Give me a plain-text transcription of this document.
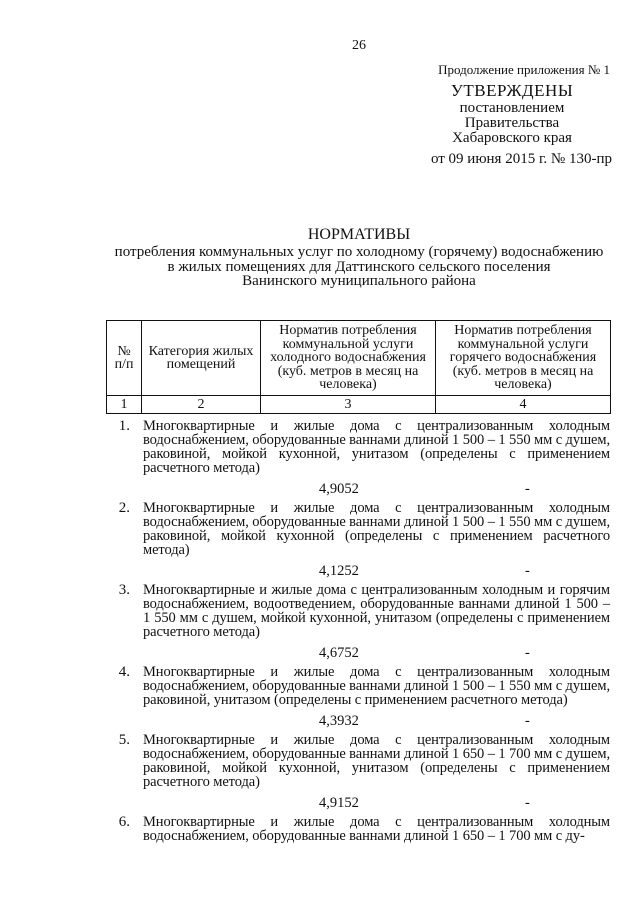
26
Продолжение приложения № 1
УТВЕРЖДЕНЫ
постановлением
Правительства
Хабаровского края
от 09 июня 2015 г. № 130-пр
НОРМАТИВЫ
потребления коммунальных услуг по холодному (горячему) водоснабжению
в жилых помещениях для Даттинского сельского поселения
Ванинского муниципального района
№ п/п	Категория жилых помещений	Норматив потребления коммунальной услуги холодного водоснабжения (куб. метров в месяц на человека)	Норматив потребления коммунальной услуги горячего водоснабжения (куб. метров в месяц на человека)
1	2	3	4
1. Многоквартирные и жилые дома с централизованным холодным водоснабжением, оборудованные ваннами длиной 1 500 – 1 550 мм с душем, раковиной, мойкой кухонной, унитазом (определены с применением расчетного метода)
4,9052	-
2. Многоквартирные и жилые дома с централизованным холодным водоснабжением, оборудованные ваннами длиной 1 500 – 1 550 мм с душем, раковиной, мойкой кухонной (определены с применением расчетного метода)
4,1252	-
3. Многоквартирные и жилые дома с централизованным холодным и горячим водоснабжением, водоотведением, оборудованные ваннами длиной 1 500 – 1 550 мм с душем, мойкой кухонной, унитазом (определены с применением расчетного метода)
4,6752	-
4. Многоквартирные и жилые дома с централизованным холодным водоснабжением, оборудованные ваннами длиной 1 500 – 1 550 мм с душем, раковиной, унитазом (определены с применением расчетного метода)
4,3932	-
5. Многоквартирные и жилые дома с централизованным холодным водоснабжением, оборудованные ваннами длиной 1 650 – 1 700 мм с душем, раковиной, мойкой кухонной, унитазом (определены с применением расчетного метода)
4,9152	-
6. Многоквартирные и жилые дома с централизованным холодным водоснабжением, оборудованные ваннами длиной 1 650 – 1 700 мм с ду-
